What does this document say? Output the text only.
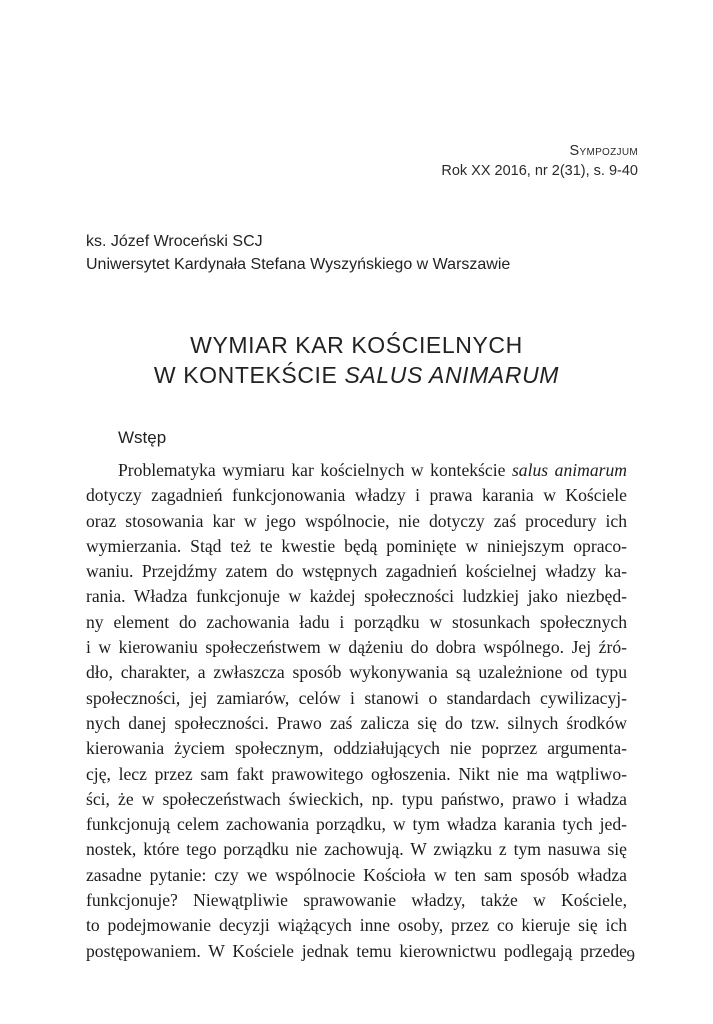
Sympozjum
Rok XX 2016, nr 2(31), s. 9-40
ks. Józef Wroceński SCJ
Uniwersytet Kardynała Stefana Wyszyńskiego w Warszawie
WYMIAR KAR KOŚCIELNYCH
W KONTEKŚCIE SALUS ANIMARUM
Wstęp
Problematyka wymiaru kar kościelnych w kontekście salus animarum
dotyczy zagadnień funkcjonowania władzy i prawa karania w Kościele
oraz stosowania kar w jego wspólnocie, nie dotyczy zaś procedury ich
wymierzania. Stąd też te kwestie będą pominięte w niniejszym opraco-
waniu. Przejdźmy zatem do wstępnych zagadnień kościelnej władzy ka-
rania. Władza funkcjonuje w każdej społeczności ludzkiej jako niezbęd-
ny element do zachowania ładu i porządku w stosunkach społecznych
i w kierowaniu społeczeństwem w dążeniu do dobra wspólnego. Jej źró-
dło, charakter, a zwłaszcza sposób wykonywania są uzależnione od typu
społeczności, jej zamiarów, celów i stanowi o standardach cywilizacyj-
nych danej społeczności. Prawo zaś zalicza się do tzw. silnych środków
kierowania życiem społecznym, oddziałujących nie poprzez argumenta-
cję, lecz przez sam fakt prawowitego ogłoszenia. Nikt nie ma wątpliwo-
ści, że w społeczeństwach świeckich, np. typu państwo, prawo i władza
funkcjonują celem zachowania porządku, w tym władza karania tych jed-
nostek, które tego porządku nie zachowują. W związku z tym nasuwa się
zasadne pytanie: czy we wspólnocie Kościoła w ten sam sposób władza
funkcjonuje? Niewątpliwie sprawowanie władzy, także w Kościele,
to podejmowanie decyzji wiążących inne osoby, przez co kieruje się ich
postępowaniem. W Kościele jednak temu kierownictwu podlegają przede 9
